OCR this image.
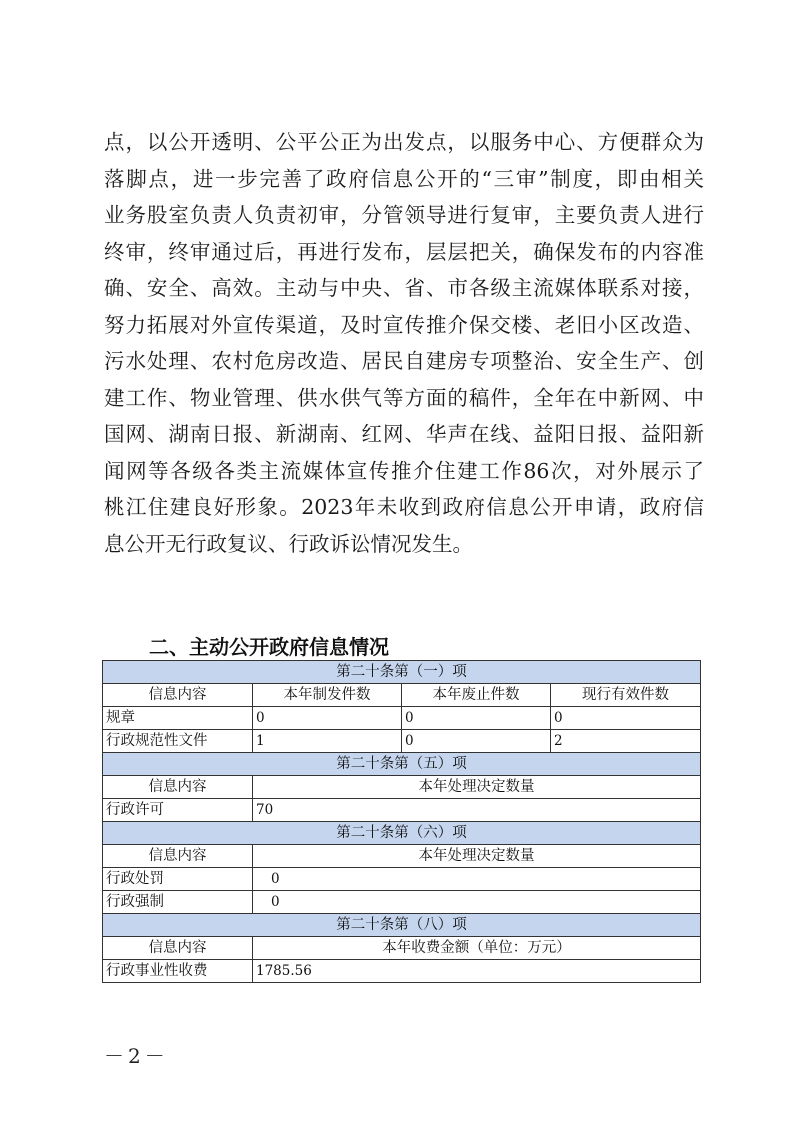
点，以公开透明、公平公正为出发点，以服务中心、方便群众为
落脚点，进一步完善了政府信息公开的“三审”制度，即由相关
业务股室负责人负责初审，分管领导进行复审，主要负责人进行
终审，终审通过后，再进行发布，层层把关，确保发布的内容准
确、安全、高效。主动与中央、省、市各级主流媒体联系对接，
努力拓展对外宣传渠道，及时宣传推介保交楼、老旧小区改造、
污水处理、农村危房改造、居民自建房专项整治、安全生产、创
建工作、物业管理、供水供气等方面的稿件，全年在中新网、中
国网、湖南日报、新湖南、红网、华声在线、益阳日报、益阳新
闻网等各级各类主流媒体宣传推介住建工作86次，对外展示了
桃江住建良好形象。2023年未收到政府信息公开申请，政府信
息公开无行政复议、行政诉讼情况发生。
二、主动公开政府信息情况
第二十条第（一）项			
信息内容	本年制发件数	本年废止件数	现行有效件数
规章	0	0	0
行政规范性文件	1	0	2
第二十条第（五）项			
信息内容	本年处理决定数量		
行政许可	70		
第二十条第（六）项			
信息内容	本年处理决定数量		
行政处罚	0		
行政强制	0		
第二十条第（八）项			
信息内容	本年收费金额（单位：万元）		
行政事业性收费	1785.56		
－2－
